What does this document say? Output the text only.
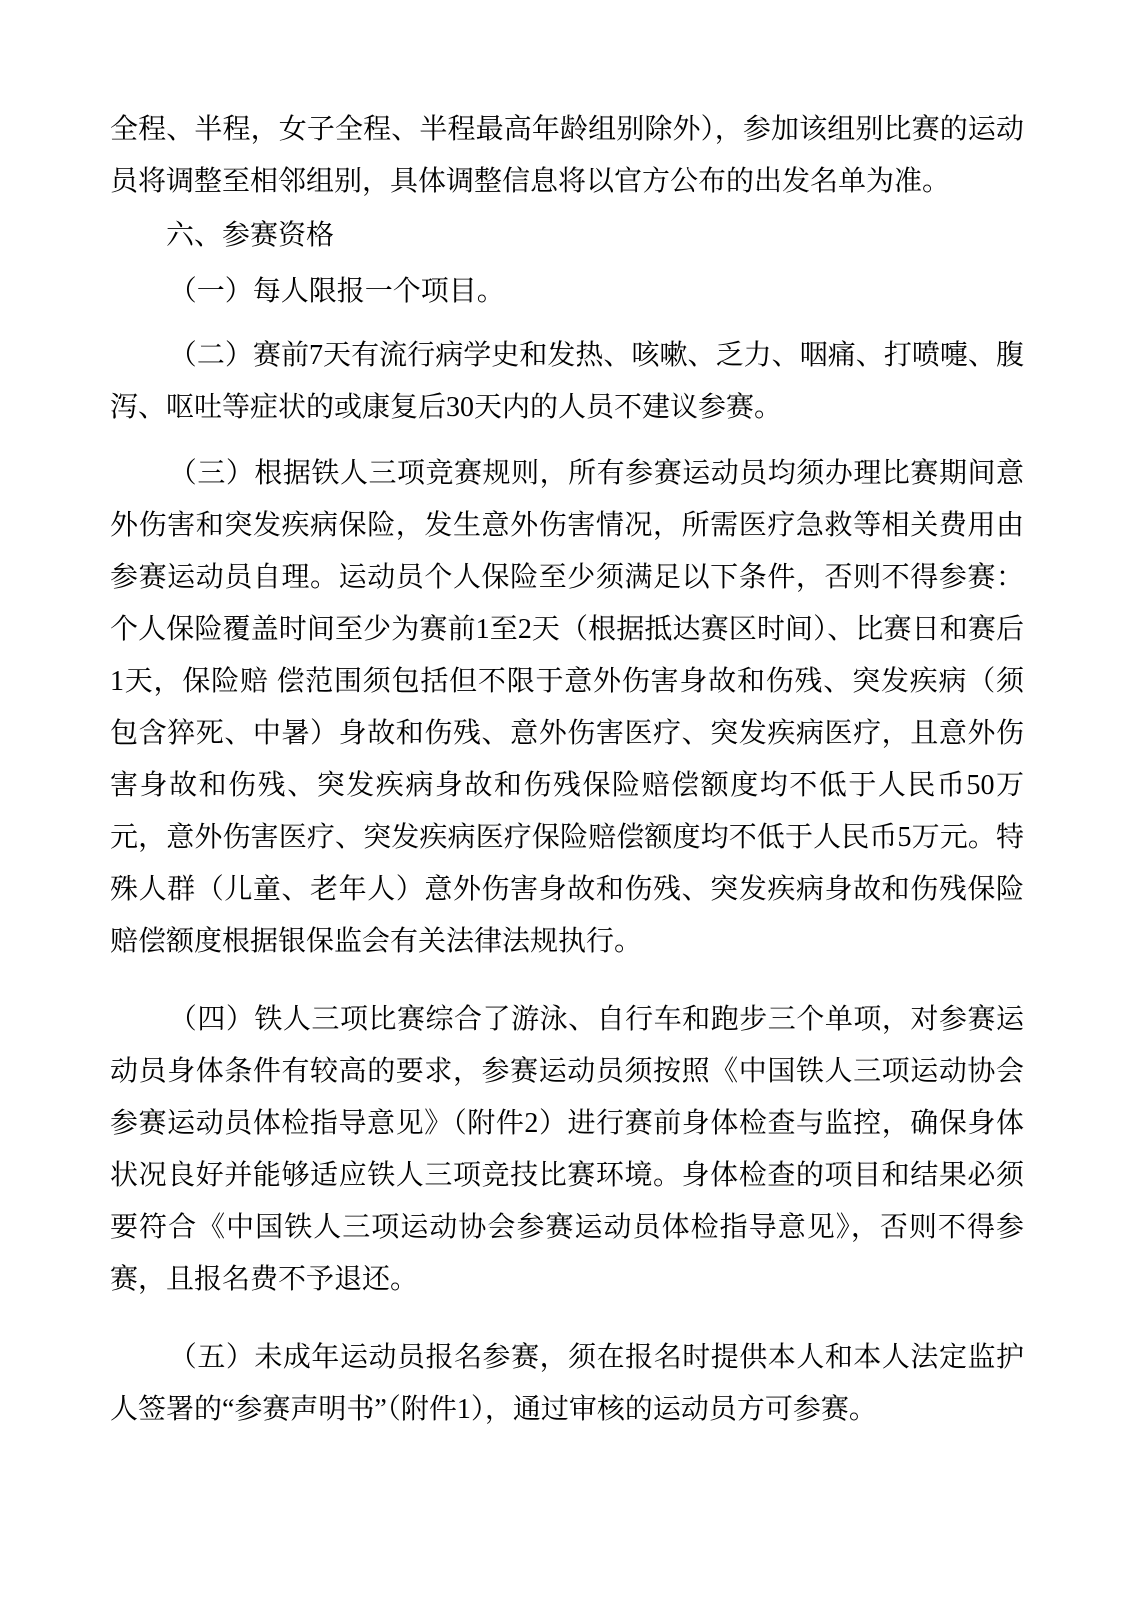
全程、半程，女子全程、半程最高年龄组别除外），参加该组别比赛的运动员将调整至相邻组别，具体调整信息将以官方公布的出发名单为准。

六、参赛资格

（一）每人限报一个项目。

（二）赛前7天有流行病学史和发热、咳嗽、乏力、咽痛、打喷嚏、腹泻、呕吐等症状的或康复后30天内的人员不建议参赛。

（三）根据铁人三项竞赛规则，所有参赛运动员均须办理比赛期间意外伤害和突发疾病保险，发生意外伤害情况，所需医疗急救等相关费用由参赛运动员自理。运动员个人保险至少须满足以下条件，否则不得参赛：个人保险覆盖时间至少为赛前1至2天（根据抵达赛区时间）、比赛日和赛后1天，保险赔 偿范围须包括但不限于意外伤害身故和伤残、突发疾病（须包含猝死、中暑）身故和伤残、意外伤害医疗、突发疾病医疗，且意外伤害身故和伤残、突发疾病身故和伤残保险赔偿额度均不低于人民币50万元，意外伤害医疗、突发疾病医疗保险赔偿额度均不低于人民币5万元。特殊人群（儿童、老年人）意外伤害身故和伤残、突发疾病身故和伤残保险赔偿额度根据银保监会有关法律法规执行。

（四）铁人三项比赛综合了游泳、自行车和跑步三个单项，对参赛运动员身体条件有较高的要求，参赛运动员须按照《中国铁人三项运动协会参赛运动员体检指导意见》（附件2）进行赛前身体检查与监控，确保身体状况良好并能够适应铁人三项竞技比赛环境。身体检查的项目和结果必须要符合《中国铁人三项运动协会参赛运动员体检指导意见》，否则不得参赛，且报名费不予退还。

（五）未成年运动员报名参赛，须在报名时提供本人和本人法定监护人签署的“参赛声明书”（附件1），通过审核的运动员方可参赛。
